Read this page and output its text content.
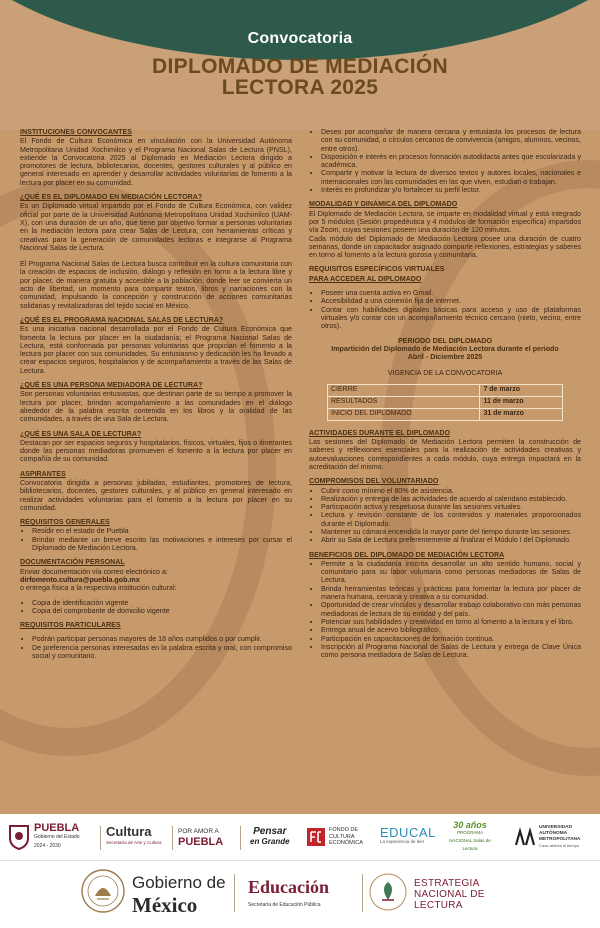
Convocatoria
DIPLOMADO DE MEDIACIÓN
LECTORA 2025
INSTITUCIONES CONVOCANTES
El Fondo de Cultura Económica en vinculación con la Universidad Autónoma Metropolitana Unidad Xochimilco y el Programa Nacional Salas de Lectura (PNSL), extiende la Convocatoria 2025 al Diplomado en Mediación Lectora dirigido a promotores de lectura, bibliotecarios, docentes, gestores culturales y al público en general interesado en aprender y desarrollar actividades voluntarias de fomento a la lectura por placer en su comunidad.
¿QUÉ ES EL DIPLOMADO EN MEDIACIÓN LECTORA?
Es un Diplomado virtual impartido por el Fondo de Cultura Económica, con validez oficial por parte de la Universidad Autónoma Metropolitana Unidad Xochimilco (UAM-X), con una duración de un año, que tiene por objetivo formar a personas voluntarias en la mediación lectora para crear Salas de Lectura, con herramientas críticas y creativas para la generación de comunidades lectoras e integrarse al Programa Nacional Salas de Lectura.
El Programa Nacional Salas de Lectura busca contribuir en la cultura comunitaria con la creación de espacios de inclusión, diálogo y reflexión en torno a la lectura libre y por placer, de manera gratuita y accesible a la población, donde leer se convierta un acto de libertad, un momento para compartir textos, libros y narraciones con la comunidad, impulsando la concepción y construcción de acciones comunitarias solidarias y revitalizadoras del tejido social en México.
¿QUÉ ES EL PROGRAMA NACIONAL SALAS DE LECTURA?
Es una iniciativa nacional desarrollada por el Fondo de Cultura Económica que fomenta la lectura por placer en la ciudadanía; el Programa Nacional Salas de Lectura, está conformada por personas voluntarias que propician el fomento a la lectura por placer con sus comunidades. Su entusiasmo y dedicación les ha llevado a crear espacios seguros, hospitalarios y de acompañamiento a través de las Salas de Lectura.
¿QUÉ ES UNA PERSONA MEDIADORA DE LECTURA?
Son personas voluntarias entusiastas, que destinan parte de su tiempo a promover la lectura por placer, brindan acompañamiento a las comunidades en el diálogo alrededor de la palabra escrita contenida en los libros y la oralidad de las comunidades, a través de una Sala de Lectura.
¿QUÉ ES UNA SALA DE LECTURA?
Destacan por ser espacios seguros y hospitalarios, físicos, virtuales, fijos o itinerantes donde las personas mediadoras promueven el fomento a la lectura por placer en compañía de su comunidad.
ASPIRANTES
Convocatoria dirigida a personas jubiladas, estudiantes, promotores de lectura, bibliotecarios, docentes, gestores culturales, y al público en general interesado en realizar actividades voluntarias para el fomento a la lectura por placer en su comunidad.
REQUISITOS GENERALES
• Residir en el estado de Puebla
• Brindar mediante un breve escrito las motivaciones e intereses por cursar el Diplomado de Mediación Lectora.
DOCUMENTACIÓN PERSONAL
Enviar documentación vía correo electrónico a:
dirfomento.cultura@puebla.gob.mx
o entrega física a la respectiva institución cultural:
• Copia de identificación vigente
• Copia del comprobante de domicilio vigente
REQUISITOS PARTICULARES
• Podrán participar personas mayores de 18 años cumplidos o por cumplir.
• De preferencia personas interesadas en la palabra escrita y oral, con compromiso social y comunitario.
• Deseo por acompañar de manera cercana y entusiasta los procesos de lectura con su comunidad, o círculos cercanos de convivencia (amigos, alumnos, vecinos, entre otros).
• Disposición e interés en procesos formación autodidacta antes que escolarizada y académica.
• Compartir y motivar la lectura de diversos textos y autores locales, nacionales e internacionales con las comunidades en las que viven, estudian o trabajan.
• Interés en profundizar y/o fortalecer su perfil lector.
MODALIDAD Y DINÁMICA DEL DIPLOMADO
El Diplomado de Mediación Lectora, se imparte en modalidad virtual y está integrado por 5 módulos (Sesión propedéutica y 4 módulos de formación específica) impartidos vía Zoom, cuyas sesiones poseen una duración de 120 minutos.
Cada módulo del Diplomado de Mediación Lectora posee una duración de cuatro semanas, donde un capacitador asignado comparte reflexiones, estrategias y saberes en torno al fomento a la lectura gozosa y comunitaria.
REQUISITOS ESPECÍFICOS VIRTUALES
PARA ACCEDER AL DIPLOMADO
• Poseer una cuenta activa en Gmail.
• Accesibilidad a una conexión fija de internet.
• Contar con habilidades digitales básicas para acceso y uso de plataformas virtuales y/o contar con un acompañamiento técnico cercano (nieto, vecino, entre otros).
PERIODO DEL DIPLOMADO
Impartición del Diplomado de Mediación Lectora durante el periodo Abril - Diciembre 2025
VIGENCIA DE LA CONVOCATORIA
CIERRE	7 de marzo
RESULTADOS	11 de marzo
INICIO DEL DIPLOMADO	31 de marzo
ACTIVIDADES DURANTE EL DIPLOMADO
Las sesiones del Diplomado de Mediación Lectora permiten la construcción de saberes y reflexiones esenciales para la realización de actividades creativas y autoevaluaciones correspondientes a cada módulo, cuya entrega impactará en la acreditación del mismo.
COMPROMISOS DEL VOLUNTARIADO
• Cubrir como mínimo el 80% de asistencia.
• Realización y entrega de las actividades de acuerdo al calendario establecido.
• Participación activa y respetuosa durante las sesiones virtuales.
• Lectura y revisión constante de los contenidos y materiales proporcionados durante el Diplomado.
• Mantener su cámara encendida la mayor parte del tiempo durante las sesiones.
• Abrir su Sala de Lectura preferentemente al finalizar el Módulo I del Diplomado.
BENEFICIOS DEL DIPLOMADO DE MEDIACIÓN LECTORA
• Permite a la ciudadanía inscrita desarrollar un alto sentido humano, social y comunitario para su labor voluntaria como personas mediadoras de Salas de Lectura.
• Brinda herramientas teóricas y prácticas para fomentar la lectura por placer de manera humana, cercana y creativa a su comunidad.
• Oportunidad de crear vínculos y desarrollar trabajo colaborativo con más personas mediadoras de lectura de su entidad y del país.
• Potenciar sus habilidades y creatividad en torno al fomento a la lectura y el libro.
• Entrega anual de acervo bibliográfico.
• Participación en capacitaciones de formación continua.
• Inscripción al Programa Nacional de Salas de Lectura y entrega de Clave Única como persona mediadora de Salas de Lectura.
PUEBLA
Gobierno del Estado
2024 - 2030
Cultura
Secretaría de Arte y Cultura
POR AMOR A
PUEBLA
Pensar
en Grande
FONDO DE CULTURA ECONÓMICA
EDUCAL
La experiencia de leer
30 años
PROGRAMA NACIONAL Salas de Lectura
UNIVERSIDAD AUTÓNOMA METROPOLITANA
Casa abierta al tiempo
Gobierno de
México
Educación
Secretaría de Educación Pública
ESTRATEGIA NACIONAL DE LECTURA
